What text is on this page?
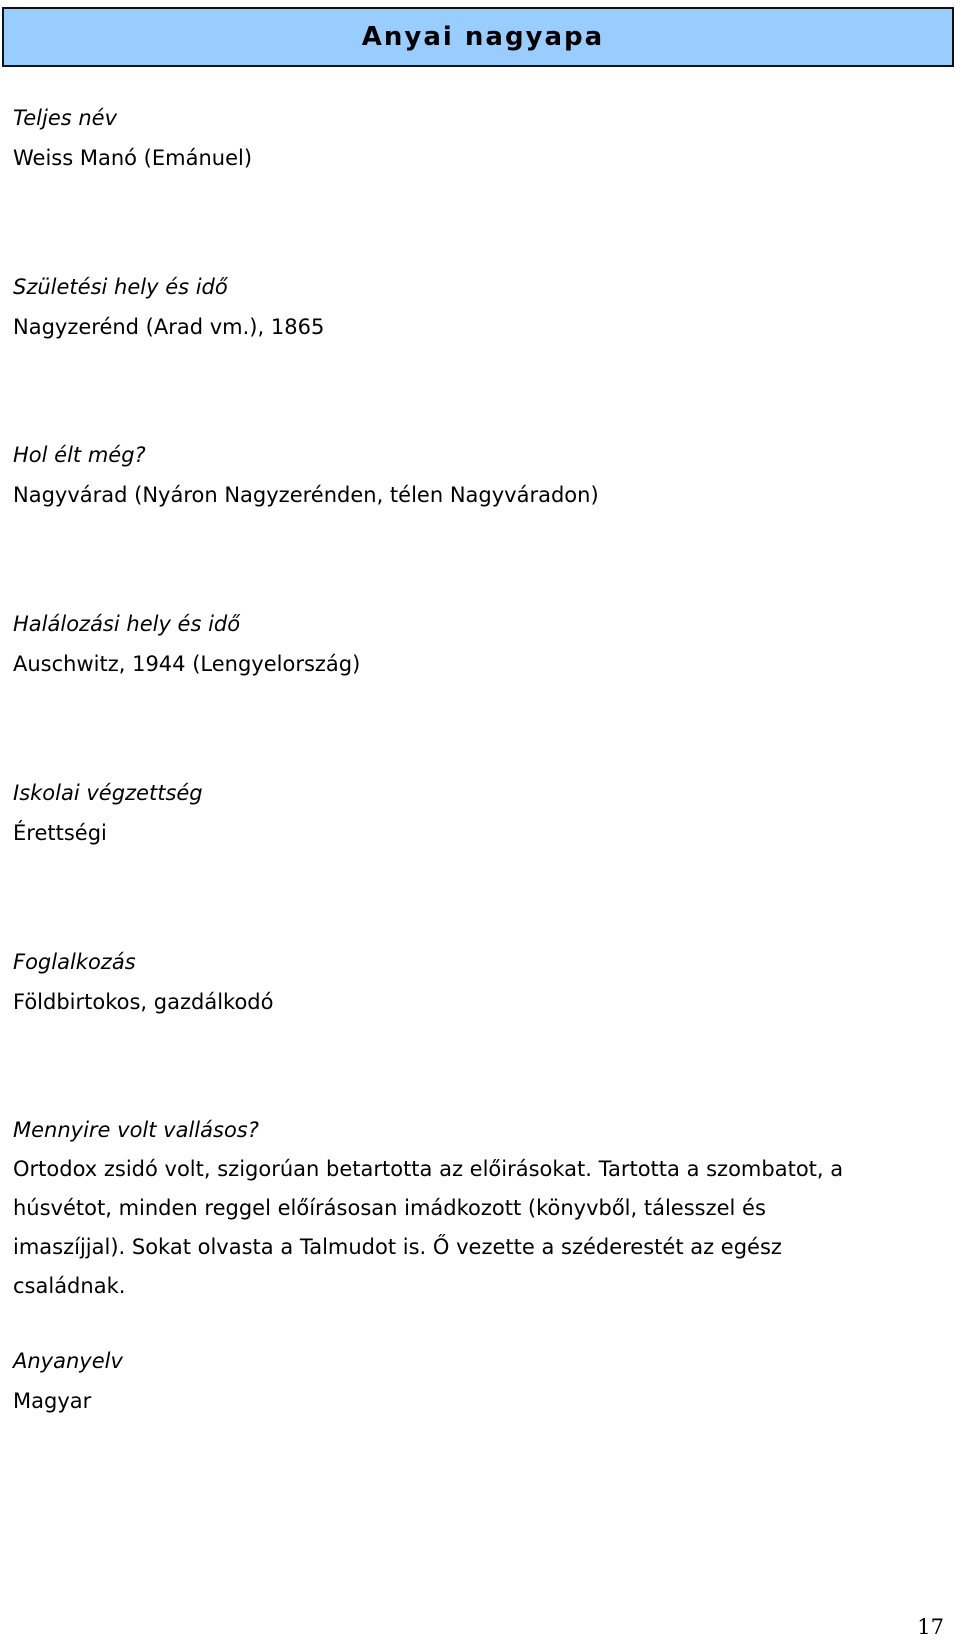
Anyai nagyapa
Teljes név
Weiss Manó (Emánuel)
Születési hely és idő
Nagyzerénd (Arad vm.), 1865
Hol élt még?
Nagyvárad (Nyáron Nagyzerénden, télen Nagyváradon)
Halálozási hely és idő
Auschwitz, 1944 (Lengyelország)
Iskolai végzettség
Érettségi
Foglalkozás
Földbirtokos, gazdálkodó
Mennyire volt vallásos?
Ortodox zsidó volt, szigorúan betartotta az előirásokat. Tartotta a szombatot, a
húsvétot, minden reggel előírásosan imádkozott (könyvből, tálesszel és
imaszíjjal). Sokat olvasta a Talmudot is. Ő vezette a széderestét az egész
családnak.
Anyanyelv
Magyar
17
